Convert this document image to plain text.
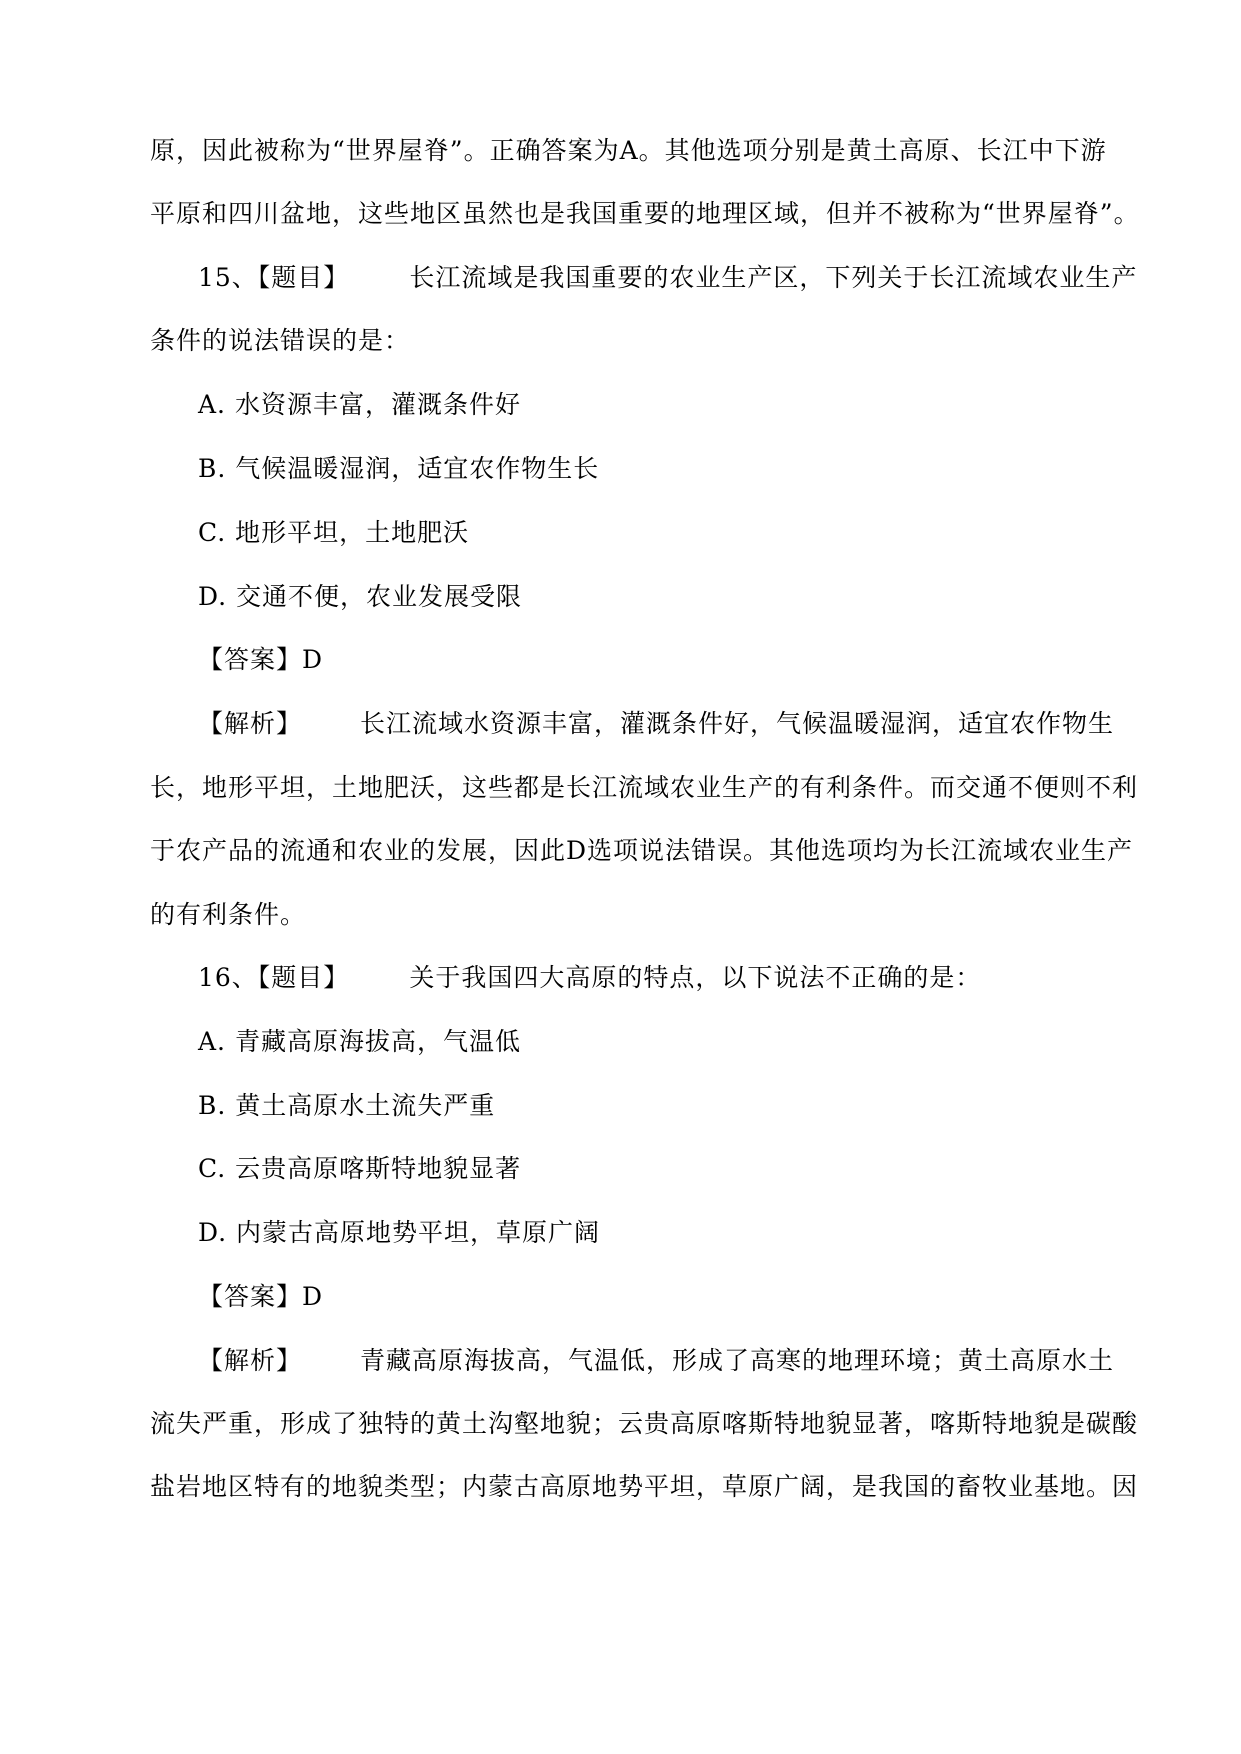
原，因此被称为“世界屋脊”。正确答案为A。其他选项分别是黄土高原、长江中下游
平原和四川盆地，这些地区虽然也是我国重要的地理区域，但并不被称为“世界屋脊”。
15、【题目】 长江流域是我国重要的农业生产区，下列关于长江流域农业生产
条件的说法错误的是：
A. 水资源丰富，灌溉条件好
B. 气候温暖湿润，适宜农作物生长
C. 地形平坦，土地肥沃
D. 交通不便，农业发展受限
【答案】D
【解析】 长江流域水资源丰富，灌溉条件好，气候温暖湿润，适宜农作物生
长，地形平坦，土地肥沃，这些都是长江流域农业生产的有利条件。而交通不便则不利
于农产品的流通和农业的发展，因此D选项说法错误。其他选项均为长江流域农业生产
的有利条件。
16、【题目】 关于我国四大高原的特点，以下说法不正确的是：
A. 青藏高原海拔高，气温低
B. 黄土高原水土流失严重
C. 云贵高原喀斯特地貌显著
D. 内蒙古高原地势平坦，草原广阔
【答案】D
【解析】 青藏高原海拔高，气温低，形成了高寒的地理环境；黄土高原水土
流失严重，形成了独特的黄土沟壑地貌；云贵高原喀斯特地貌显著，喀斯特地貌是碳酸
盐岩地区特有的地貌类型；内蒙古高原地势平坦，草原广阔，是我国的畜牧业基地。因
